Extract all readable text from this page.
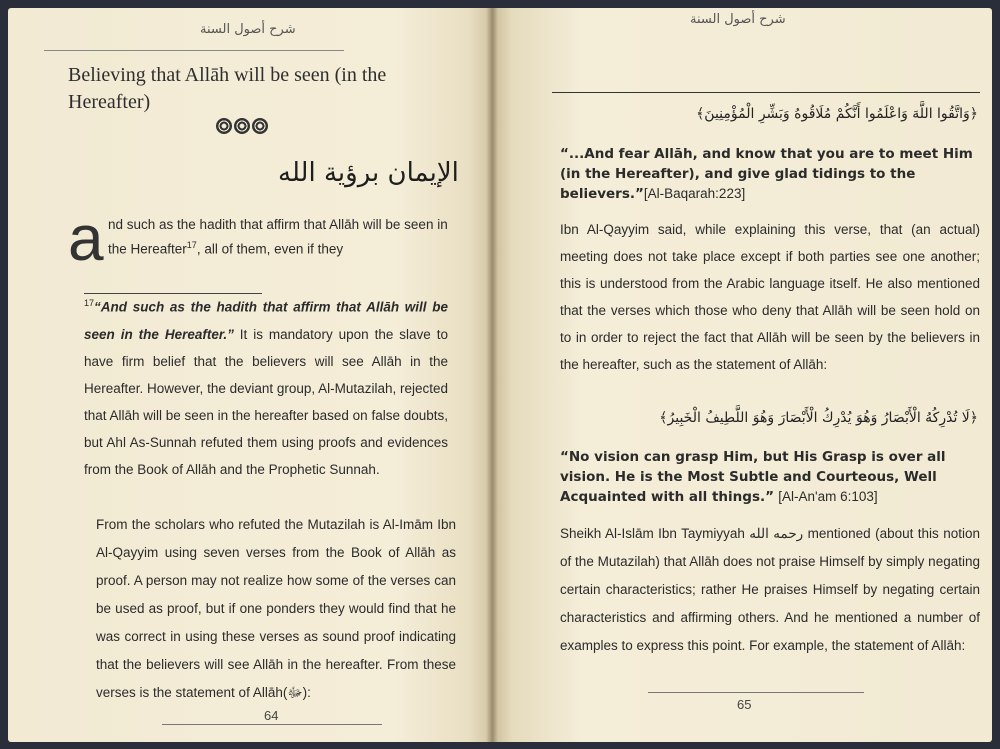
شرح أصول السنة
Believing that Allāh will be seen (in the Hereafter)
الإيمان برؤية الله
a nd such as the hadith that affirm that Allāh will be seen in the Hereafter$^{17}$, all of them, even if they
$^{17}$“And such as the hadith that affirm that Allāh will be seen in the Hereafter.” It is mandatory upon the slave to have firm belief that the believers will see Allāh in the Hereafter. However, the deviant group, Al-Mutazilah, rejected that Allāh will be seen in the hereafter based on false doubts, but Ahl As-Sunnah refuted them using proofs and evidences from the Book of Allāh and the Prophetic Sunnah.
From the scholars who refuted the Mutazilah is Al-Imām Ibn Al-Qayyim using seven verses from the Book of Allāh as proof. A person may not realize how some of the verses can be used as proof, but if one ponders they would find that he was correct in using these verses as sound proof indicating that the believers will see Allāh in the hereafter. From these verses is the statement of Allāh(ﷻ):
64
شرح أصول السنة
﴿وَاتَّقُوا اللَّهَ وَاعْلَمُوا أَنَّكُمْ مُلَاقُوهُ وَبَشِّرِ الْمُؤْمِنِينَ﴾
“...And fear Allāh, and know that you are to meet Him (in the Hereafter), and give glad tidings to the believers.”[Al-Baqarah:223]
Ibn Al-Qayyim said, while explaining this verse, that (an actual) meeting does not take place except if both parties see one another; this is understood from the Arabic language itself. He also mentioned that the verses which those who deny that Allāh will be seen hold on to in order to reject the fact that Allāh will be seen by the believers in the hereafter, such as the statement of Allāh:
﴿لَا تُدْرِكُهُ الْأَبْصَارُ وَهُوَ يُدْرِكُ الْأَبْصَارَ وَهُوَ اللَّطِيفُ الْخَبِيرُ﴾
“No vision can grasp Him, but His Grasp is over all vision. He is the Most Subtle and Courteous, Well Acquainted with all things.” [Al-An'am 6:103]
Sheikh Al-Islām Ibn Taymiyyah رحمه الله mentioned (about this notion of the Mutazilah) that Allāh does not praise Himself by simply negating certain characteristics; rather He praises Himself by negating certain characteristics and affirming others. And he mentioned a number of examples to express this point. For example, the statement of Allāh:
65
